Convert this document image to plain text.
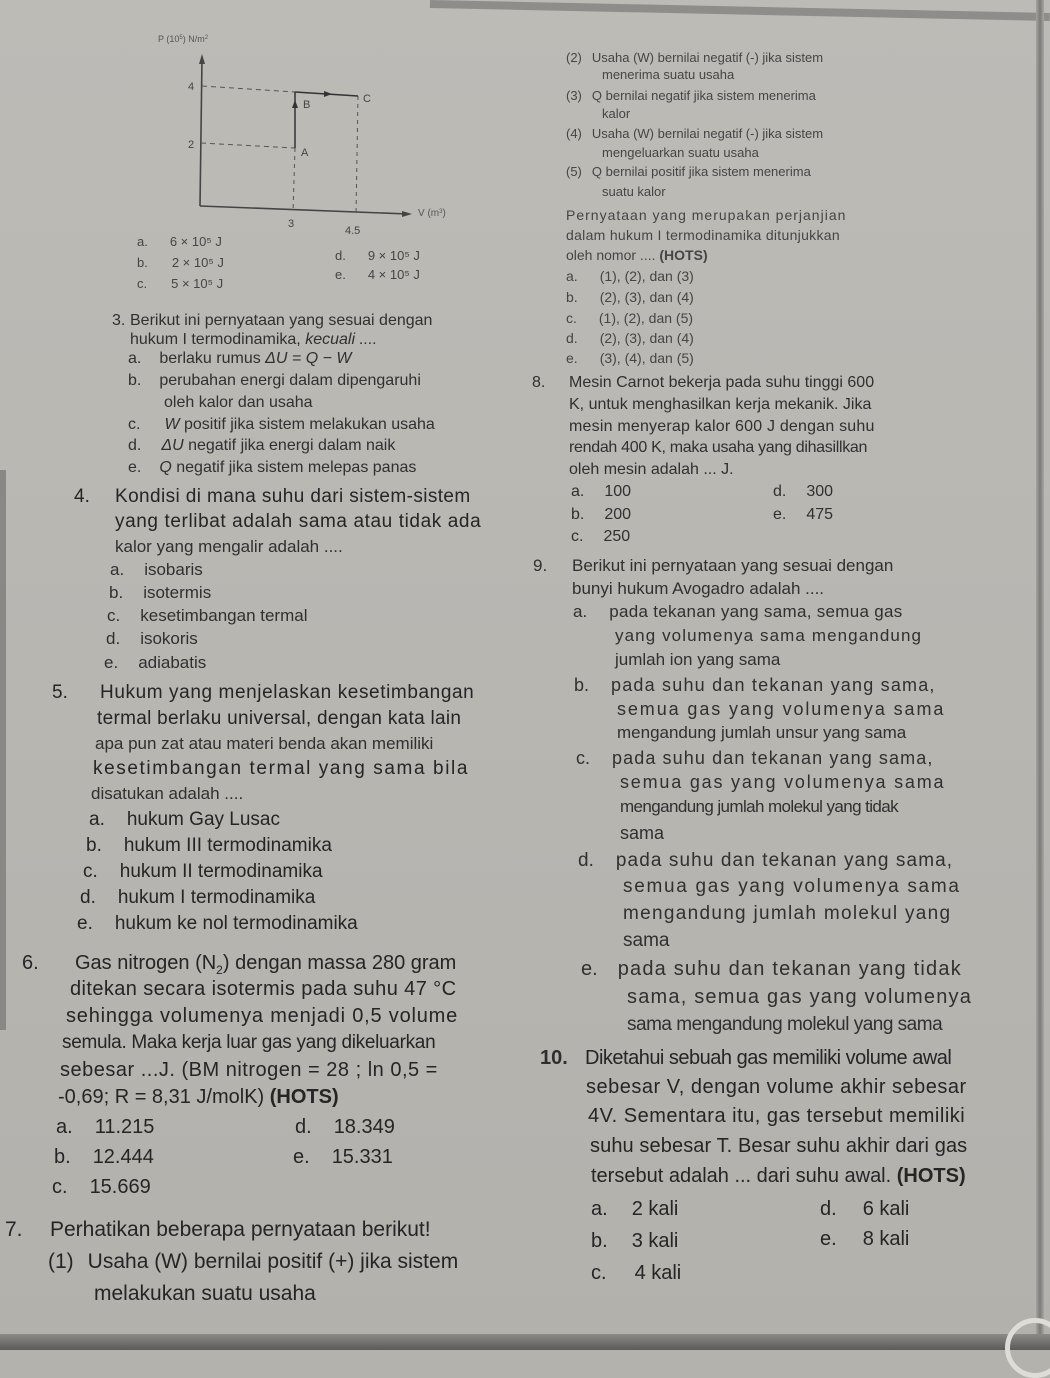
P $(10^5)$ $N/m^2$
B	C
A
4
2
3
4.5
V $(m^3)$
a. 6 × 10⁵ J
b. 2 × 10⁵ J
c. 5 × 10⁵ J
d. 9 × 10⁵ J
e. 4 × 10⁵ J
3. Berikut ini pernyataan yang sesuai dengan
hukum I termodinamika, kecuali ....
a. berlaku rumus ΔU = Q − W
b. perubahan energi dalam dipengaruhi
oleh kalor dan usaha
c. W positif jika sistem melakukan usaha
d. ΔU negatif jika energi dalam naik
e. Q negatif jika sistem melepas panas
4. Kondisi di mana suhu dari sistem-sistem
yang terlibat adalah sama atau tidak ada
kalor yang mengalir adalah ....
a. isobaris
b. isotermis
c. kesetimbangan termal
d. isokoris
e. adiabatis
5. Hukum yang menjelaskan kesetimbangan
termal berlaku universal, dengan kata lain
apa pun zat atau materi benda akan memiliki
kesetimbangan termal yang sama bila
disatukan adalah ....
a. hukum Gay Lusac
b. hukum III termodinamika
c. hukum II termodinamika
d. hukum I termodinamika
e. hukum ke nol termodinamika
6. Gas nitrogen $(N_2)$ dengan massa 280 gram
ditekan secara isotermis pada suhu 47 °C
sehingga volumenya menjadi 0,5 volume
semula. Maka kerja luar gas yang dikeluarkan
sebesar ...J. (BM nitrogen = 28 ; ln 0,5 =
-0,69; R = 8,31 J/molK) (HOTS)
a. 11.215
b. 12.444
c. 15.669
d. 18.349
e. 15.331
7. Perhatikan beberapa pernyataan berikut!
(1) Usaha (W) bernilai positif (+) jika sistem
melakukan suatu usaha
(2) Usaha (W) bernilai negatif (-) jika sistem
menerima suatu usaha
(3) Q bernilai negatif jika sistem menerima
kalor
(4) Usaha (W) bernilai negatif (-) jika sistem
mengeluarkan suatu usaha
(5) Q bernilai positif jika sistem menerima
suatu kalor
Pernyataan yang merupakan perjanjian
dalam hukum I termodinamika ditunjukkan
oleh nomor .... (HOTS)
a. (1), (2), dan (3)
b. (2), (3), dan (4)
c. (1), (2), dan (5)
d. (2), (3), dan (4)
e. (3), (4), dan (5)
8. Mesin Carnot bekerja pada suhu tinggi 600
K, untuk menghasilkan kerja mekanik. Jika
mesin menyerap kalor 600 J dengan suhu
rendah 400 K, maka usaha yang dihasillkan
oleh mesin adalah ... J.
a. 100
b. 200
c. 250
d. 300
e. 475
9. Berikut ini pernyataan yang sesuai dengan
bunyi hukum Avogadro adalah ....
a. pada tekanan yang sama, semua gas
yang volumenya sama mengandung
jumlah ion yang sama
b. pada suhu dan tekanan yang sama,
semua gas yang volumenya sama
mengandung jumlah unsur yang sama
c. pada suhu dan tekanan yang sama,
semua gas yang volumenya sama
mengandung jumlah molekul yang tidak
sama
d. pada suhu dan tekanan yang sama,
semua gas yang volumenya sama
mengandung jumlah molekul yang
sama
e. pada suhu dan tekanan yang tidak
sama, semua gas yang volumenya
sama mengandung molekul yang sama
10. Diketahui sebuah gas memiliki volume awal
sebesar V, dengan volume akhir sebesar
4V. Sementara itu, gas tersebut memiliki
suhu sebesar T. Besar suhu akhir dari gas
tersebut adalah ... dari suhu awal. (HOTS)
a. 2 kali
b. 3 kali
c. 4 kali
d. 6 kali
e. 8 kali
